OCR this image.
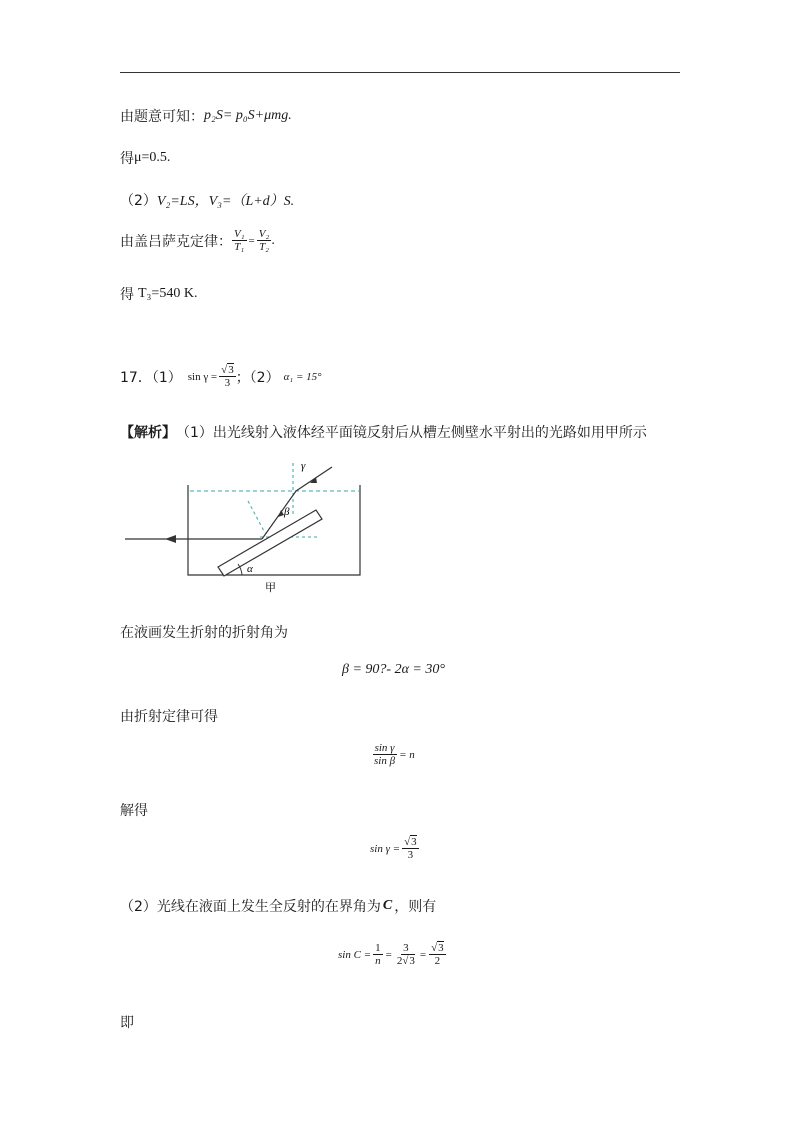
由题意可知： p₂S= p₀S+μmg.
得 μ=0.5.
（2） V₂=LS，V₃=（L+d）S.
由盖吕萨克定律： $\frac{\text{V₁}}{\text{T₁}} = \frac{\text{V₂}}{\text{T₂}}$ .
得 T₃=540 K.
17．（1） $\sin \gamma = \frac{√3}{3}$ ；（2） α₁ = 15°
【解析】 （1）出光线射入液体经平面镜反射后从槽左侧壁水平射出的光路如用甲所示
γ
β
α
甲
在液画发生折射的折射角为
β = 90?- 2α = 30°
由折射定律可得
$\frac{\text{sin γ}}{\text{sin β}} = n$
解得
$\sin \gamma = \frac{√3}{3}$
（2）光线在液面上发生全反射的在界角为 C ，则有
$\sin C = \frac{1}{n} = \frac{3}{2√3} = \frac{√3}{2}$
即
